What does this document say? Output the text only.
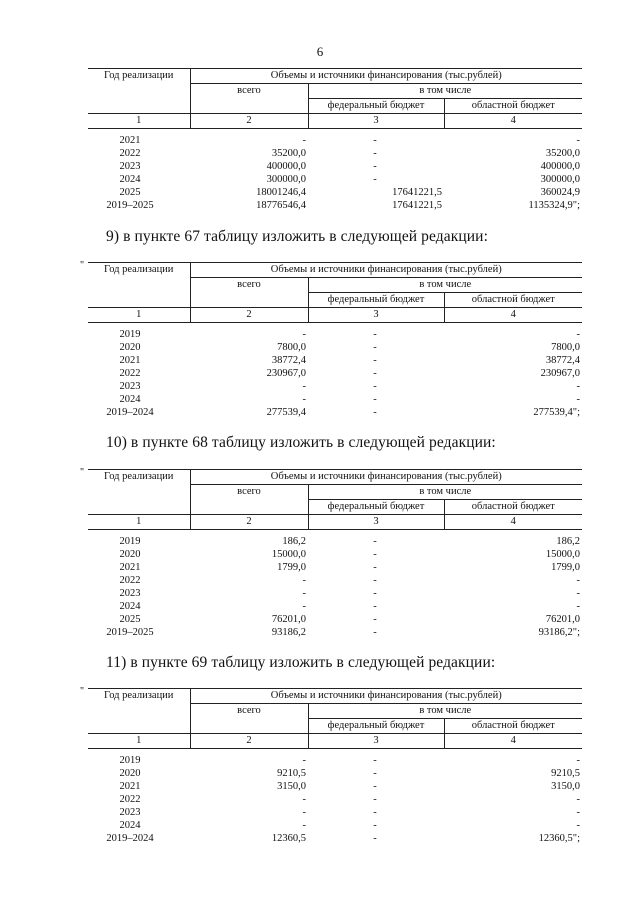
6
Год реализации	Объемы и источники финансирования (тыс.рублей)		
	всего	в том числе	
		федеральный бюджет	областной бюджет
1	2	3	4
2021	-	-	-
2022	35200,0	-	35200,0
2023	400000,0	-	400000,0
2024	300000,0	-	300000,0
2025	18001246,4	17641221,5	360024,9
2019–2025	18776546,4	17641221,5	1135324,9";
9) в пункте 67 таблицу изложить в следующей редакции:
" Год реализации	Объемы и источники финансирования (тыс.рублей)		
	всего	в том числе	
		федеральный бюджет	областной бюджет
1	2	3	4
2019	-	-	-
2020	7800,0	-	7800,0
2021	38772,4	-	38772,4
2022	230967,0	-	230967,0
2023	-	-	-
2024	-	-	-
2019–2024	277539,4	-	277539,4";
10) в пункте 68 таблицу изложить в следующей редакции:
" Год реализации	Объемы и источники финансирования (тыс.рублей)		
	всего	в том числе	
		федеральный бюджет	областной бюджет
1	2	3	4
2019	186,2	-	186,2
2020	15000,0	-	15000,0
2021	1799,0	-	1799,0
2022	-	-	-
2023	-	-	-
2024	-	-	-
2025	76201,0	-	76201,0
2019–2025	93186,2	-	93186,2";
11) в пункте 69 таблицу изложить в следующей редакции:
" Год реализации	Объемы и источники финансирования (тыс.рублей)		
	всего	в том числе	
		федеральный бюджет	областной бюджет
1	2	3	4
2019	-	-	-
2020	9210,5	-	9210,5
2021	3150,0	-	3150,0
2022	-	-	-
2023	-	-	-
2024	-	-	-
2019–2024	12360,5	-	12360,5";
